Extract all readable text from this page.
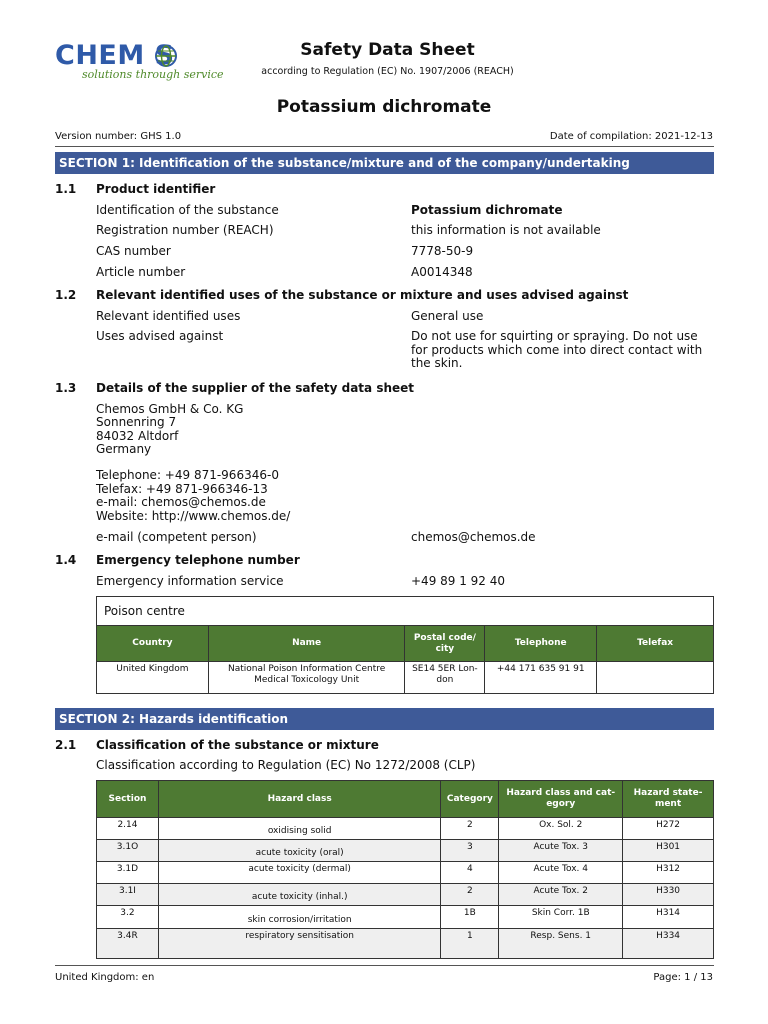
CHEM S
solutions through service
Safety Data Sheet
according to Regulation (EC) No. 1907/2006 (REACH)
Potassium dichromate
Version number: GHS 1.0	Date of compilation: 2021-12-13
SECTION 1: Identification of the substance/mixture and of the company/undertaking
1.1 Product identifier
Identification of the substance	Potassium dichromate
Registration number (REACH)	this information is not available
CAS number	7778-50-9
Article number	A0014348
1.2 Relevant identified uses of the substance or mixture and uses advised against
Relevant identified uses	General use
Uses advised against	Do not use for squirting or spraying. Do not use for products which come into direct contact with the skin.
1.3 Details of the supplier of the safety data sheet
Chemos GmbH & Co. KG
Sonnenring 7
84032 Altdorf
Germany
Telephone: +49 871-966346-0
Telefax: +49 871-966346-13
e-mail: chemos@chemos.de
Website: http://www.chemos.de/
e-mail (competent person)	chemos@chemos.de
1.4 Emergency telephone number
Emergency information service	+49 89 1 92 40
Poison centre
Country	Name	Postal code/ city	Telephone	Telefax
United Kingdom	National Poison Information Centre Medical Toxicology Unit	SE14 5ER Lon- don	+44 171 635 91 91	
SECTION 2: Hazards identification
2.1 Classification of the substance or mixture
Classification according to Regulation (EC) No 1272/2008 (CLP)
Section	Hazard class	Category	Hazard class and cat- egory	Hazard state- ment
2.14	oxidising solid	2	Ox. Sol. 2	H272
3.1O	acute toxicity (oral)	3	Acute Tox. 3	H301
3.1D	acute toxicity (dermal)	4	Acute Tox. 4	H312
3.1I	acute toxicity (inhal.)	2	Acute Tox. 2	H330
3.2	skin corrosion/irritation	1B	Skin Corr. 1B	H314
3.4R	respiratory sensitisation	1	Resp. Sens. 1	H334
United Kingdom: en	Page: 1 / 13
